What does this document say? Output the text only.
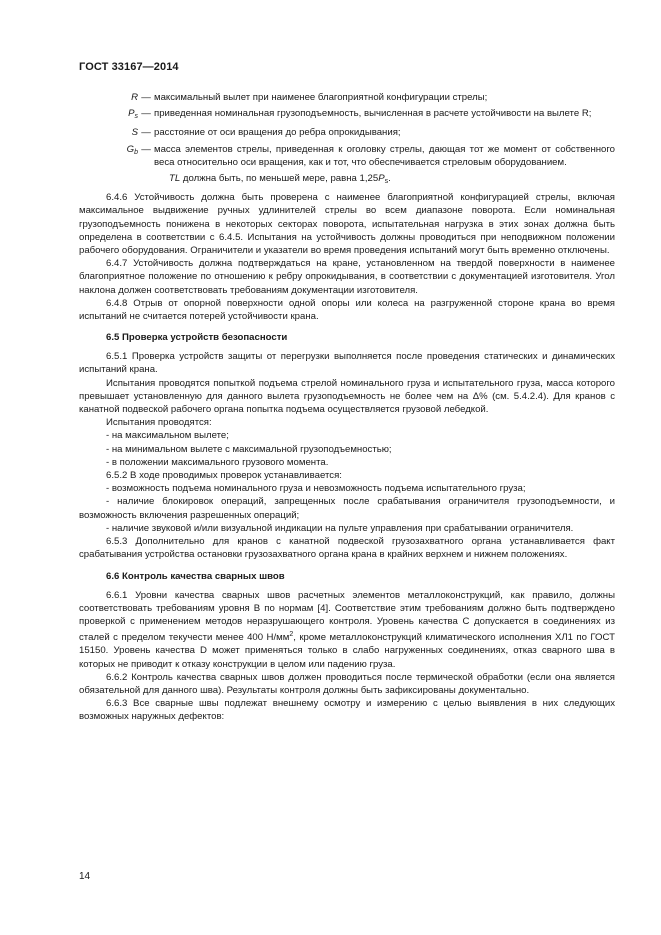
ГОСТ 33167—2014
R — максимальный вылет при наименее благоприятной конфигурации стрелы;
$P_s$ — приведенная номинальная грузоподъемность, вычисленная в расчете устойчивости на вылете R;
S — расстояние от оси вращения до ребра опрокидывания;
$G_b$ — масса элементов стрелы, приведенная к оголовку стрелы, дающая тот же момент от собственного веса относительно оси вращения, как и тот, что обеспечивается стреловым оборудованием.
TL должна быть, по меньшей мере, равна $1,25P_s$.

6.4.6 Устойчивость должна быть проверена с наименее благоприятной конфигурацией стрелы, включая максимальное выдвижение ручных удлинителей стрелы во всем диапазоне поворота. Если номинальная грузоподъемность понижена в некоторых секторах поворота, испытательная нагрузка в этих зонах должна быть определена в соответствии с 6.4.5. Испытания на устойчивость должны проводиться при неподвижном положении рабочего оборудования. Ограничители и указатели во время проведения испытаний могут быть временно отключены.

6.4.7 Устойчивость должна подтверждаться на кране, установленном на твердой поверхности в наименее благоприятное положение по отношению к ребру опрокидывания, в соответствии с документацией изготовителя. Угол наклона должен соответствовать требованиям документации изготовителя.

6.4.8 Отрыв от опорной поверхности одной опоры или колеса на разгруженной стороне крана во время испытаний не считается потерей устойчивости крана.

6.5 Проверка устройств безопасности

6.5.1 Проверка устройств защиты от перегрузки выполняется после проведения статических и динамических испытаний крана.

Испытания проводятся попыткой подъема стрелой номинального груза и испытательного груза, масса которого превышает установленную для данного вылета грузоподъемность не более чем на Δ% (см. 5.4.2.4). Для кранов с канатной подвеской рабочего органа попытка подъема осуществляется грузовой лебедкой.

Испытания проводятся:

- на максимальном вылете;

- на минимальном вылете с максимальной грузоподъемностью;

- в положении максимального грузового момента.

6.5.2 В ходе проводимых проверок устанавливается:

- возможность подъема номинального груза и невозможность подъема испытательного груза;

- наличие блокировок операций, запрещенных после срабатывания ограничителя грузоподъемности, и возможность включения разрешенных операций;

- наличие звуковой и/или визуальной индикации на пульте управления при срабатывании ограничителя.

6.5.3 Дополнительно для кранов с канатной подвеской грузозахватного органа устанавливается факт срабатывания устройства остановки грузозахватного органа крана в крайних верхнем и нижнем положениях.

6.6 Контроль качества сварных швов

6.6.1 Уровни качества сварных швов расчетных элементов металлоконструкций, как правило, должны соответствовать требованиям уровня B по нормам [4]. Соответствие этим требованиям должно быть подтверждено проверкой с применением методов неразрушающего контроля. Уровень качества C допускается в соединениях из сталей с пределом текучести менее 400 $Н/мм^2$, кроме металлоконструкций климатического исполнения ХЛ1 по ГОСТ 15150. Уровень качества D может применяться только в слабо нагруженных соединениях, отказ сварного шва в которых не приводит к отказу конструкции в целом или падению груза.

6.6.2 Контроль качества сварных швов должен проводиться после термической обработки (если она является обязательной для данного шва). Результаты контроля должны быть зафиксированы документально.

6.6.3 Все сварные швы подлежат внешнему осмотру и измерению с целью выявления в них следующих возможных наружных дефектов:

14
